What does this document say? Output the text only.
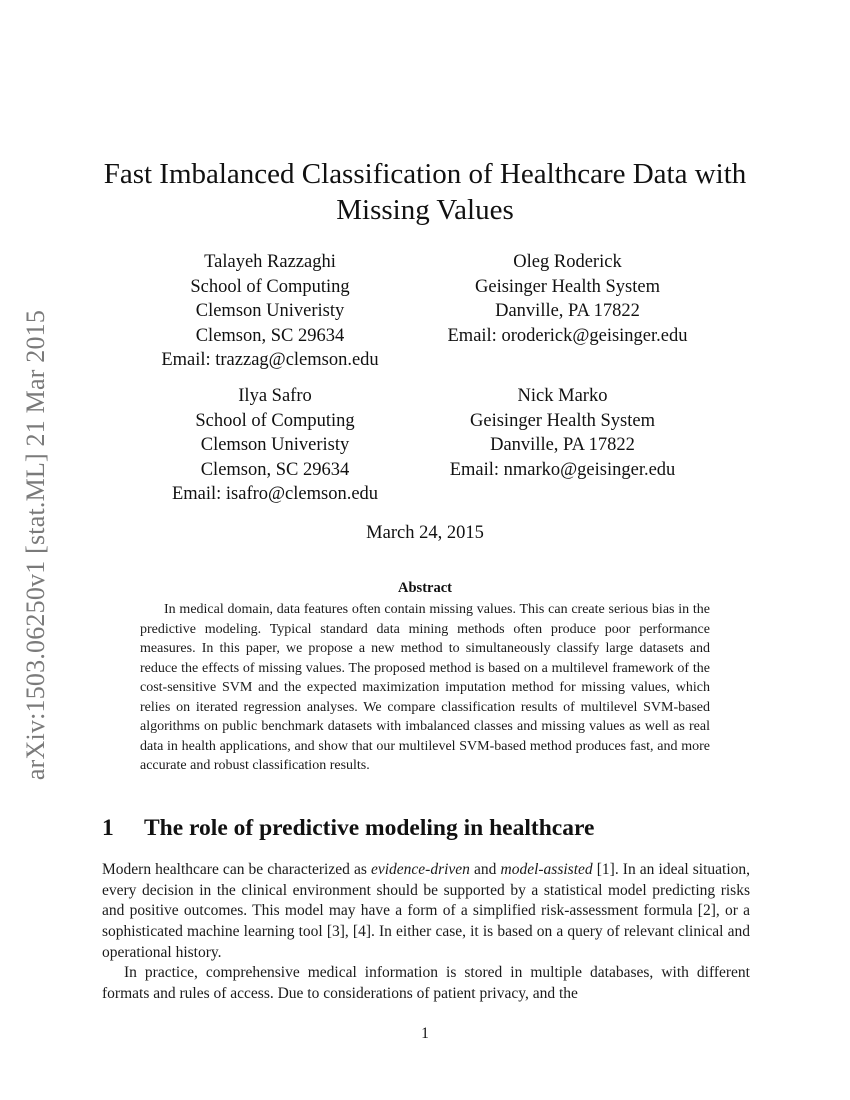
arXiv:1503.06250v1 [stat.ML] 21 Mar 2015
Fast Imbalanced Classification of Healthcare Data with
Missing Values
Talayeh Razzaghi
School of Computing
Clemson Univeristy
Clemson, SC 29634
Email: trazzag@clemson.edu
Oleg Roderick
Geisinger Health System
Danville, PA 17822
Email: oroderick@geisinger.edu
Ilya Safro
School of Computing
Clemson Univeristy
Clemson, SC 29634
Email: isafro@clemson.edu
Nick Marko
Geisinger Health System
Danville, PA 17822
Email: nmarko@geisinger.edu
March 24, 2015
Abstract
In medical domain, data features often contain missing values. This can create serious bias in the predictive modeling. Typical standard data mining methods often produce poor performance measures. In this paper, we propose a new method to simultaneously classify large datasets and reduce the effects of missing values. The proposed method is based on a multilevel framework of the cost-sensitive SVM and the expected maximization imputation method for missing values, which relies on iterated regression analyses. We compare classification results of multilevel SVM-based algorithms on public benchmark datasets with imbalanced classes and missing values as well as real data in health applications, and show that our multilevel SVM-based method produces fast, and more accurate and robust classification results.
1 The role of predictive modeling in healthcare
Modern healthcare can be characterized as evidence-driven and model-assisted [1]. In an ideal situation, every decision in the clinical environment should be supported by a statistical model predicting risks and positive outcomes. This model may have a form of a simplified risk-assessment formula [2], or a sophisticated machine learning tool [3], [4]. In either case, it is based on a query of relevant clinical and operational history.
In practice, comprehensive medical information is stored in multiple databases, with different formats and rules of access. Due to considerations of patient privacy, and the
1
